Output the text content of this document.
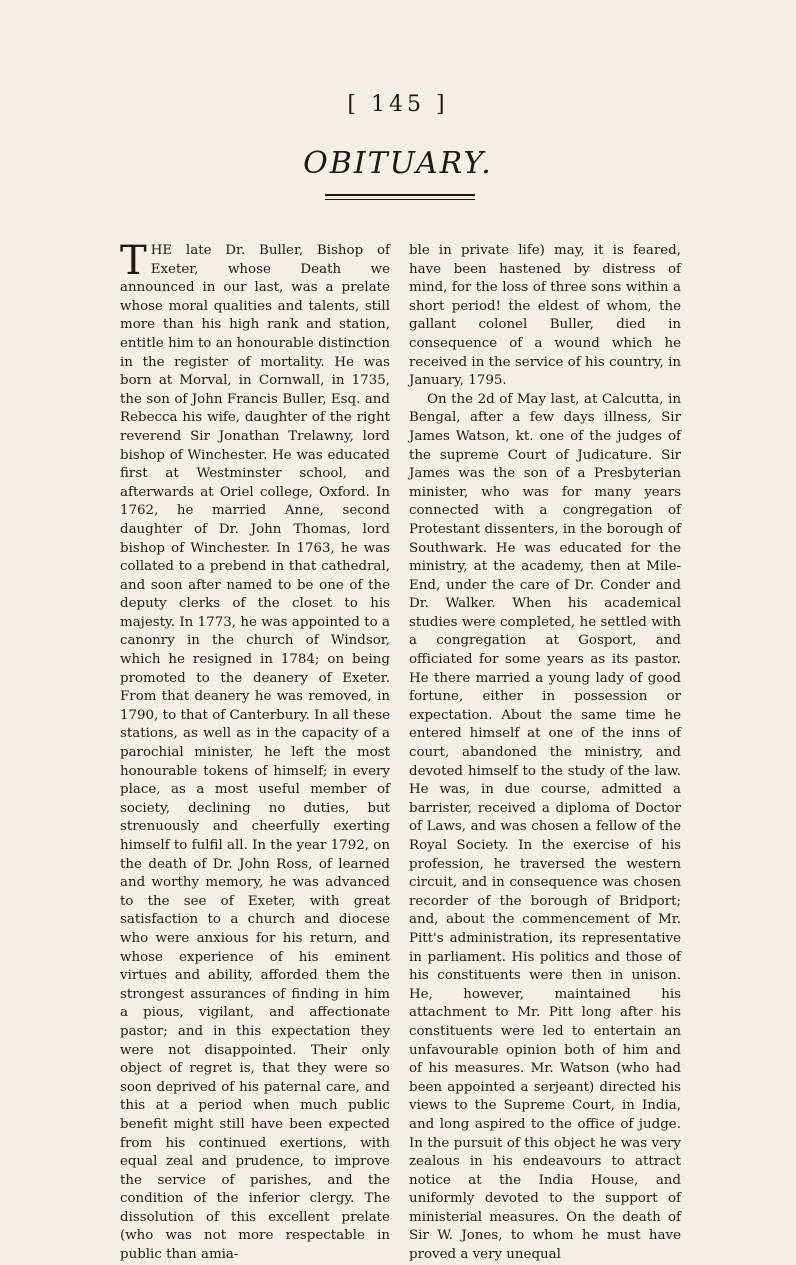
[ 145 ]
OBITUARY.

THE late Dr. Buller, Bishop of Exeter, whose Death we announced in our last, was a prelate whose moral qualities and talents, still more than his high rank and station, entitle him to an honourable distinction in the register of mortality. He was born at Morval, in Cornwall, in 1735, the son of John Francis Buller, Esq. and Rebecca his wife, daughter of the right reverend Sir Jonathan Trelawny, lord bishop of Winchester. He was educated first at Westminster school, and afterwards at Oriel college, Oxford. In 1762, he married Anne, second daughter of Dr. John Thomas, lord bishop of Winchester. In 1763, he was collated to a prebend in that cathedral, and soon after named to be one of the deputy clerks of the closet to his majesty. In 1773, he was appointed to a canonry in the church of Windsor, which he resigned in 1784; on being promoted to the deanery of Exeter. From that deanery he was removed, in 1790, to that of Canterbury. In all these stations, as well as in the capacity of a parochial minister, he left the most honourable tokens of himself; in every place, as a most useful member of society, declining no duties, but strenuously and cheerfully exerting himself to fulfil all. In the year 1792, on the death of Dr. John Ross, of learned and worthy memory, he was advanced to the see of Exeter, with great satisfaction to a church and diocese who were anxious for his return, and whose experience of his eminent virtues and ability, afforded them the strongest assurances of finding in him a pious, vigilant, and affectionate pastor; and in this expectation they were not disappointed. Their only object of regret is, that they were so soon deprived of his paternal care, and this at a period when much public benefit might still have been expected from his continued exertions, with equal zeal and prudence, to improve the service of parishes, and the condition of the inferior clergy. The dissolution of this excellent prelate (who was not more respectable in public than amia-

ble in private life) may, it is feared, have been hastened by distress of mind, for the loss of three sons within a short period! the eldest of whom, the gallant colonel Buller, died in consequence of a wound which he received in the service of his country, in January, 1795.

On the 2d of May last, at Calcutta, in Bengal, after a few days illness, Sir James Watson, kt. one of the judges of the supreme Court of Judicature. Sir James was the son of a Presbyterian minister, who was for many years connected with a congregation of Protestant dissenters, in the borough of Southwark. He was educated for the ministry, at the academy, then at Mile-End, under the care of Dr. Conder and Dr. Walker. When his academical studies were completed, he settled with a congregation at Gosport, and officiated for some years as its pastor. He there married a young lady of good fortune, either in possession or expectation. About the same time he entered himself at one of the inns of court, abandoned the ministry, and devoted himself to the study of the law. He was, in due course, admitted a barrister, received a diploma of Doctor of Laws, and was chosen a fellow of the Royal Society. In the exercise of his profession, he traversed the western circuit, and in consequence was chosen recorder of the borough of Bridport; and, about the commencement of Mr. Pitt's administration, its representative in parliament. His politics and those of his constituents were then in unison. He, however, maintained his attachment to Mr. Pitt long after his constituents were led to entertain an unfavourable opinion both of him and of his measures. Mr. Watson (who had been appointed a serjeant) directed his views to the Supreme Court, in India, and long aspired to the office of judge. In the pursuit of this object he was very zealous in his endeavours to attract notice at the India House, and uniformly devoted to the support of ministerial measures. On the death of Sir W. Jones, to whom he must have proved a very unequal
